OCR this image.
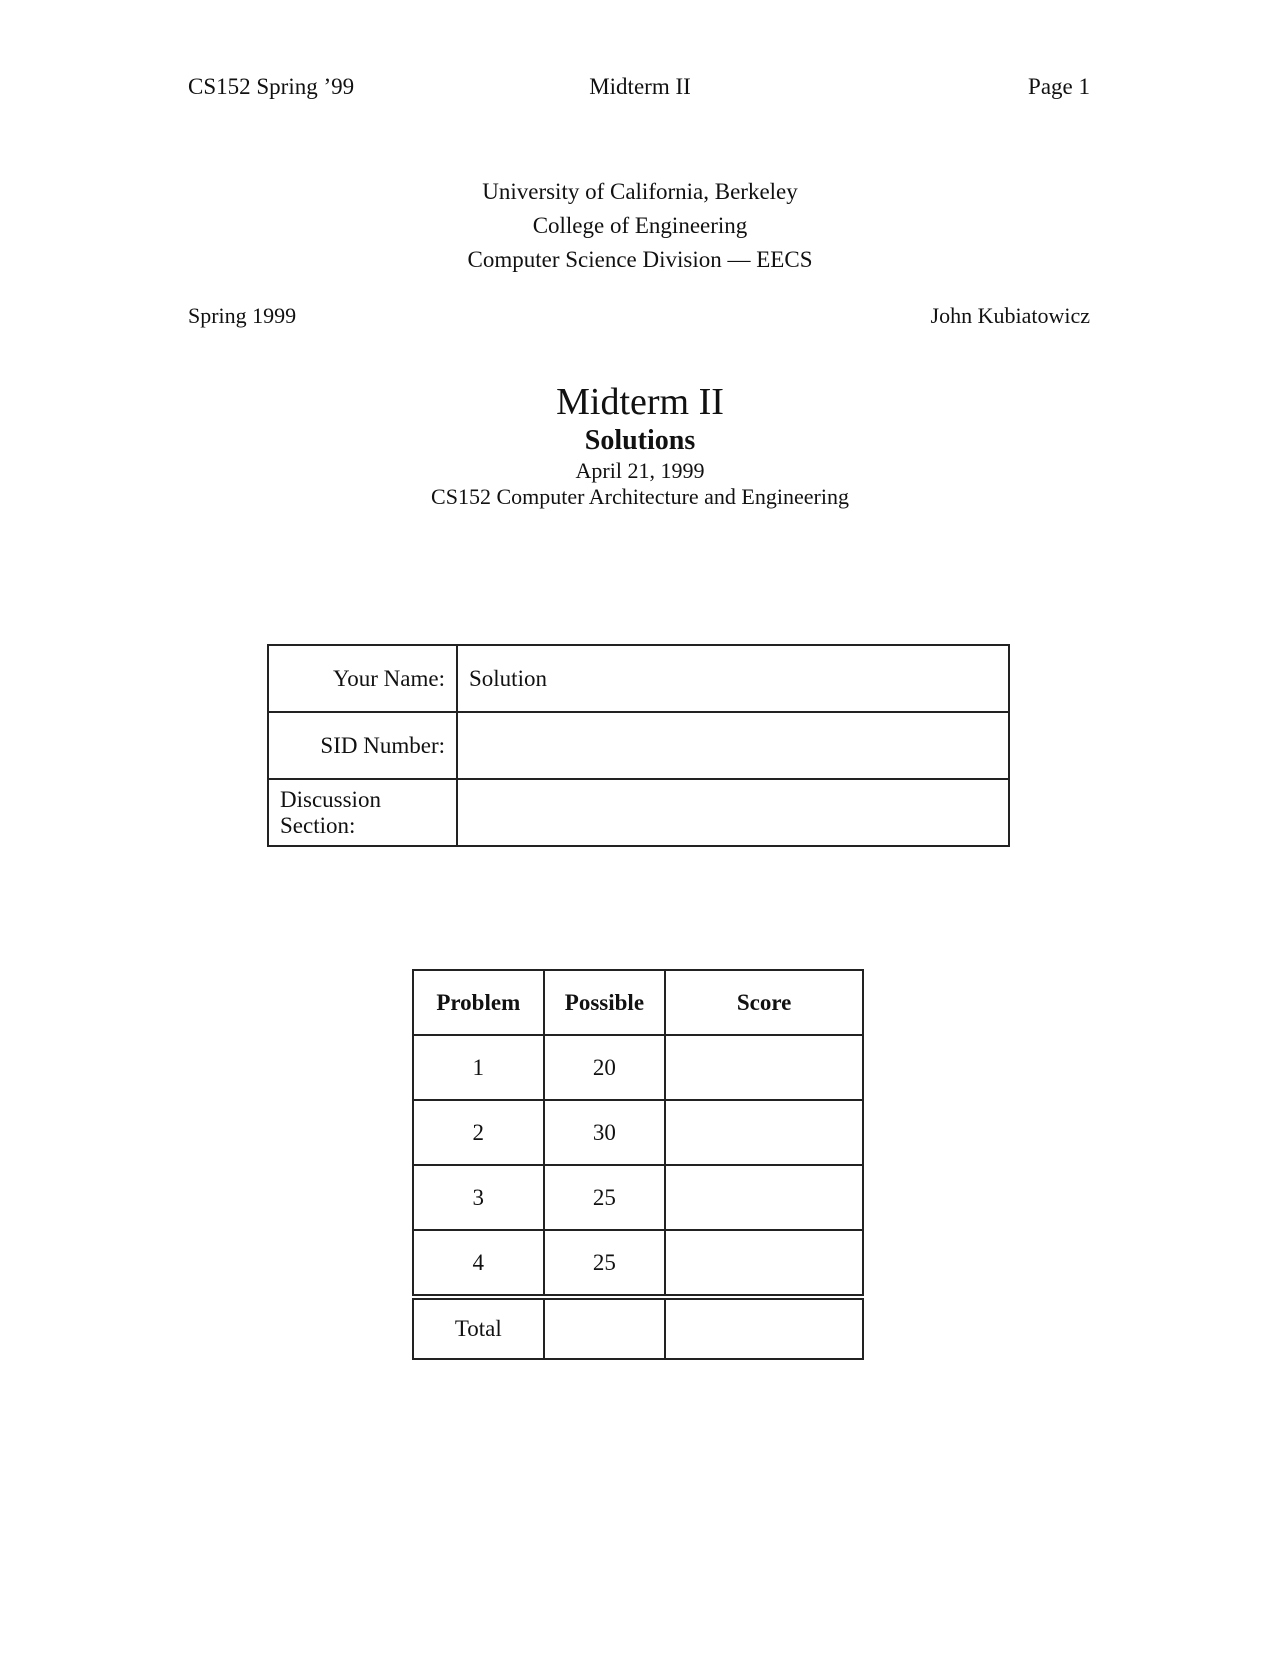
CS152 Spring ’99	Midterm II	Page 1
University of California, Berkeley
College of Engineering
Computer Science Division — EECS
Spring 1999	John Kubiatowicz
Midterm II
Solutions
April 21, 1999
CS152 Computer Architecture and Engineering
Your Name:	Solution
SID Number:	

Discussion
Section:	

Problem	Possible	Score
1	20	
2	30	
3	25	
4	25	
Total		
